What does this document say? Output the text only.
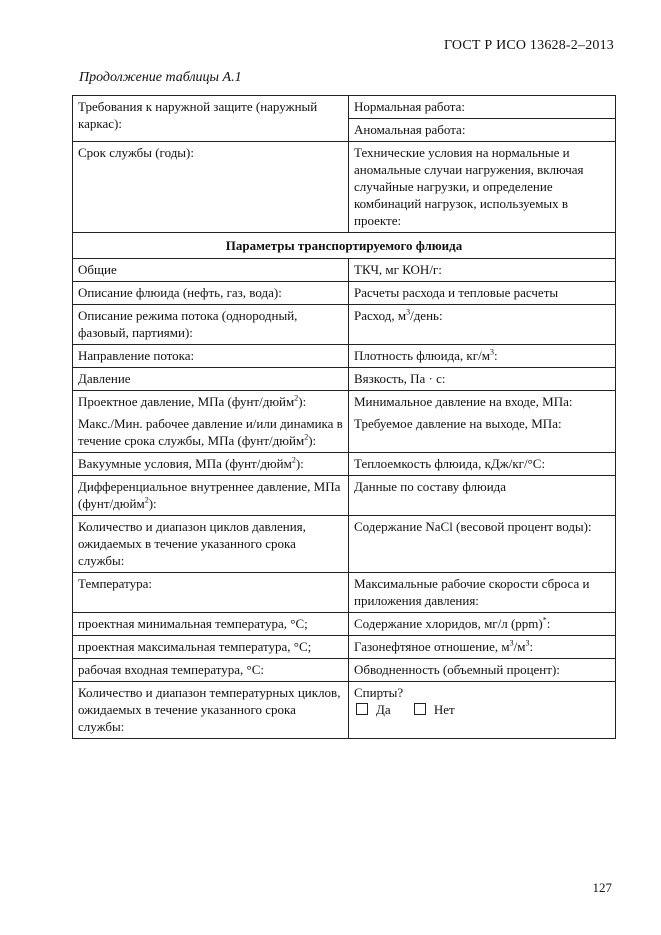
ГОСТ Р ИСО 13628-2–2013
Продолжение таблицы А.1
Требования к наружной защите (наружный каркас):	Нормальная работа:
	Аномальная работа:
Срок службы (годы):	Технические условия на нормальные и аномальные случаи нагружения, включая случайные нагрузки, и определение комбинаций нагрузок, используемых в проекте:
Параметры транспортируемого флюида	
Общие	ТКЧ, мг КОН/г:
Описание флюида (нефть, газ, вода):	Расчеты расхода и тепловые расчеты
Описание режима потока (однородный, фазовый, партиями):	Расход, $м^3$/день:
Направление потока:	Плотность флюида, $кг/м^3$:
Давление	Вязкость, Па · с:
Проектное давление, МПа (фунт/дюйм$^2$):	Минимальное давление на входе, МПа:
Макс./Мин. рабочее давление и/или динамика в течение срока службы, МПа (фунт/дюйм$^2$):	Требуемое давление на выходе, МПа:
Вакуумные условия, МПа (фунт/дюйм$^2$):	Теплоемкость флюида, кДж/кг/°С:
Дифференциальное внутреннее давление, МПа (фунт/дюйм$^2$):	Данные по составу флюида
Количество и диапазон циклов давления, ожидаемых в течение указанного срока службы:	Содержание NaCl (весовой процент воды):
Температура:	Максимальные рабочие скорости сброса и приложения давления:
проектная минимальная температура, °С;	Содержание хлоридов, мг/л (ppm)*:
проектная максимальная температура, °С;	Газонефтяное отношение, $м^3/м^3$:
рабочая входная температура, °С:	Обводненность (объемный процент):
Количество и диапазон температурных циклов, ожидаемых в течение указанного срока службы:	Спирты?
Да Нет
127
